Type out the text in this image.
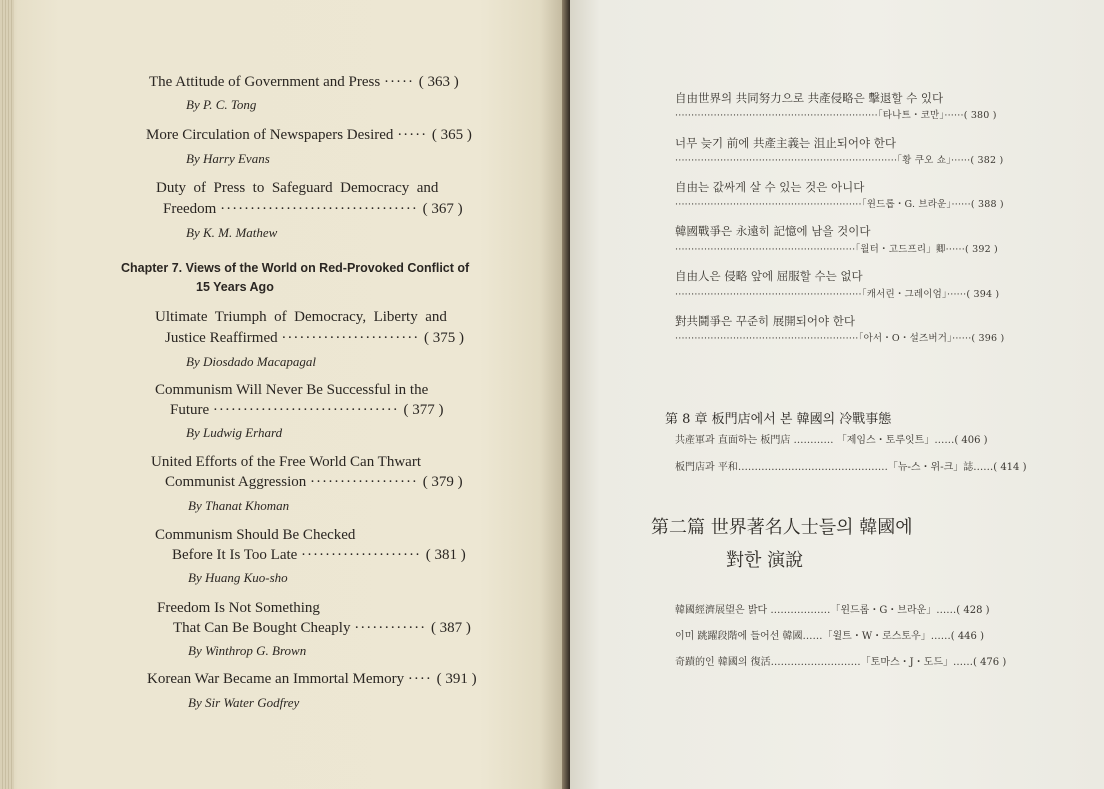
The Attitude of Government and Press ····· ( 363 )
By P. C. Tong
More Circulation of Newspapers Desired ····· ( 365 )
By Harry Evans
Duty  of  Press  to  Safeguard  Democracy  and
Freedom ································· ( 367 )
By K. M. Mathew
Chapter 7. Views of the World on Red-Provoked Conflict of
15 Years Ago
Ultimate  Triumph  of  Democracy,  Liberty  and
Justice Reaffirmed ······················· ( 375 )
By Diosdado Macapagal
Communism Will Never Be Successful in the
Future ······························· ( 377 )
By Ludwig Erhard
United Efforts of the Free World Can Thwart
Communist Aggression ·················· ( 379 )
By Thanat Khoman
Communism Should Be Checked
Before It Is Too Late ···················· ( 381 )
By Huang Kuo-sho
Freedom Is Not Something
That Can Be Bought Cheaply ············ ( 387 )
By Winthrop G. Brown
Korean War Became an Immortal Memory ···· ( 391 )
By Sir Water Godfrey
自由世界의 共同努力으로 共產侵略은 擊退할 수 있다
·······························································「타나트・코만」······( 380 )
너무 늦기 前에 共產主義는 沮止되어야 한다
·····································································「황 쿠오 쇼」······( 382 )
自由는 값싸게 살 수 있는 것은 아니다
··························································「윈드롭・G. 브라운」······( 388 )
韓國戰爭은 永遠히 記憶에 남을 것이다
························································「월터・고드프리」卿······( 392 )
自由人은 侵略 앞에 屈服할 수는 없다
··························································「캐서린・그레이엄」······( 394 )
對共鬪爭은 꾸준히 展開되어야 한다
·························································「아서・O・설즈버거」······( 396 )
第 8 章 板門店에서 본 韓國의 冷戰事態
共產軍과 直面하는 板門店 ………… 「제임스・토루잇트」……( 406 )
板門店과 平和………………………………………「뉴-스・위-크」誌……( 414 )
第二篇 世界著名人士들의 韓國에
對한 演說
韓國經濟展望은 밝다 ………………「윈드롭・G・브라운」……( 428 )
이미 跳躍段階에 들어선 韓國……「윌트・W・로스토우」……( 446 )
奇蹟的인 韓國의 復活………………………「토마스・J・도드」……( 476 )
